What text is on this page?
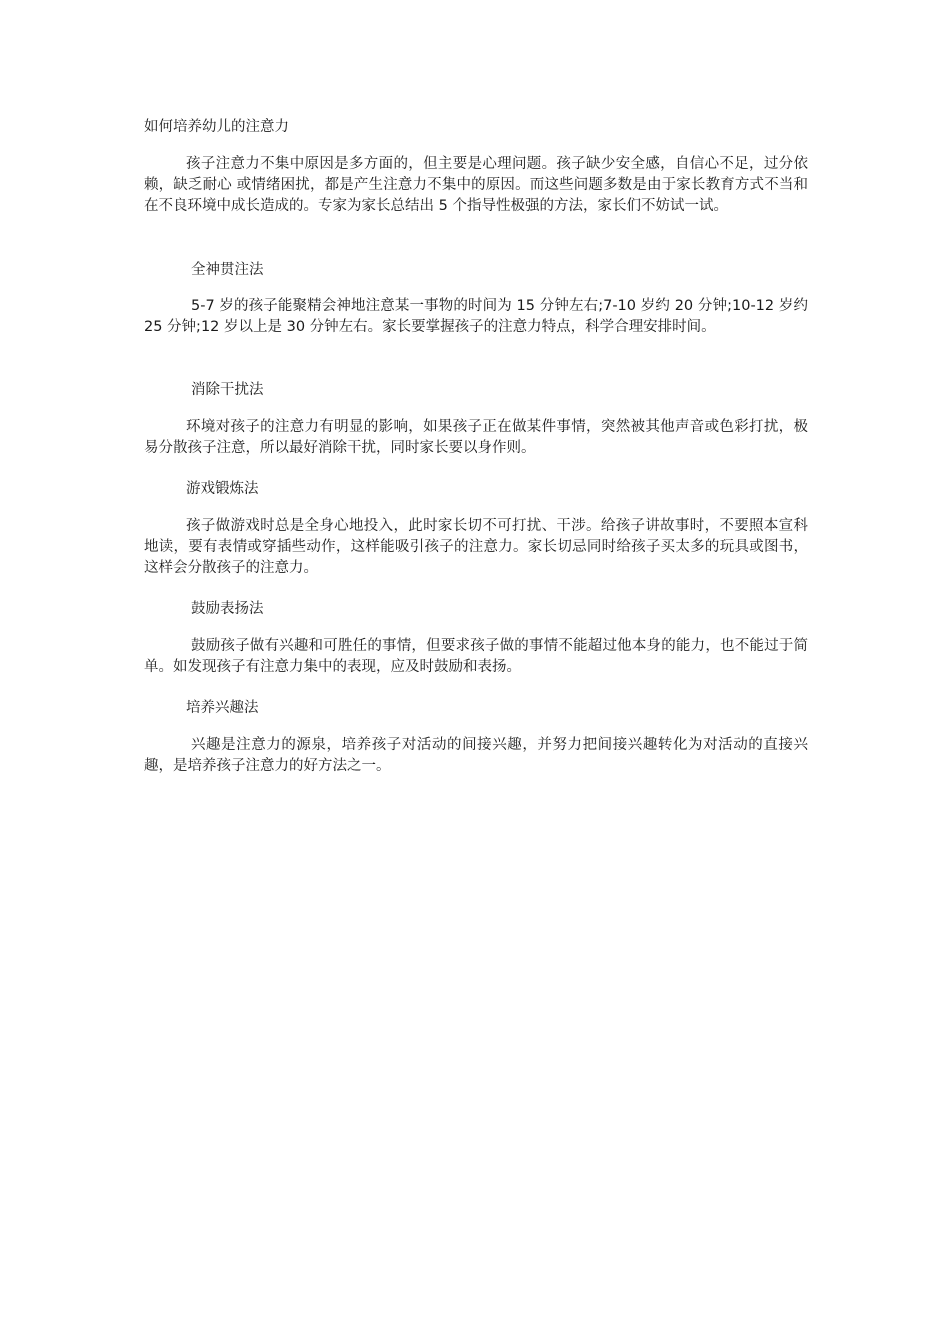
如何培养幼儿的注意力

孩子注意力不集中原因是多方面的，但主要是心理问题。孩子缺少安全感，自信心不足，过分依赖，缺乏耐心 或情绪困扰，都是产生注意力不集中的原因。而这些问题多数是由于家长教育方式不当和在不良环境中成长造成的。专家为家长总结出 5 个指导性极强的方法，家长们不妨试一试。

全神贯注法

5-7 岁的孩子能聚精会神地注意某一事物的时间为 15 分钟左右;7-10 岁约 20 分钟;10-12 岁约 25 分钟;12 岁以上是 30 分钟左右。家长要掌握孩子的注意力特点，科学合理安排时间。

消除干扰法

环境对孩子的注意力有明显的影响，如果孩子正在做某件事情，突然被其他声音或色彩打扰，极易分散孩子注意，所以最好消除干扰，同时家长要以身作则。

游戏锻炼法

孩子做游戏时总是全身心地投入，此时家长切不可打扰、干涉。给孩子讲故事时，不要照本宣科地读，要有表情或穿插些动作，这样能吸引孩子的注意力。家长切忌同时给孩子买太多的玩具或图书，这样会分散孩子的注意力。

鼓励表扬法

鼓励孩子做有兴趣和可胜任的事情，但要求孩子做的事情不能超过他本身的能力，也不能过于简单。如发现孩子有注意力集中的表现，应及时鼓励和表扬。

培养兴趣法

兴趣是注意力的源泉，培养孩子对活动的间接兴趣，并努力把间接兴趣转化为对活动的直接兴趣，是培养孩子注意力的好方法之一。
